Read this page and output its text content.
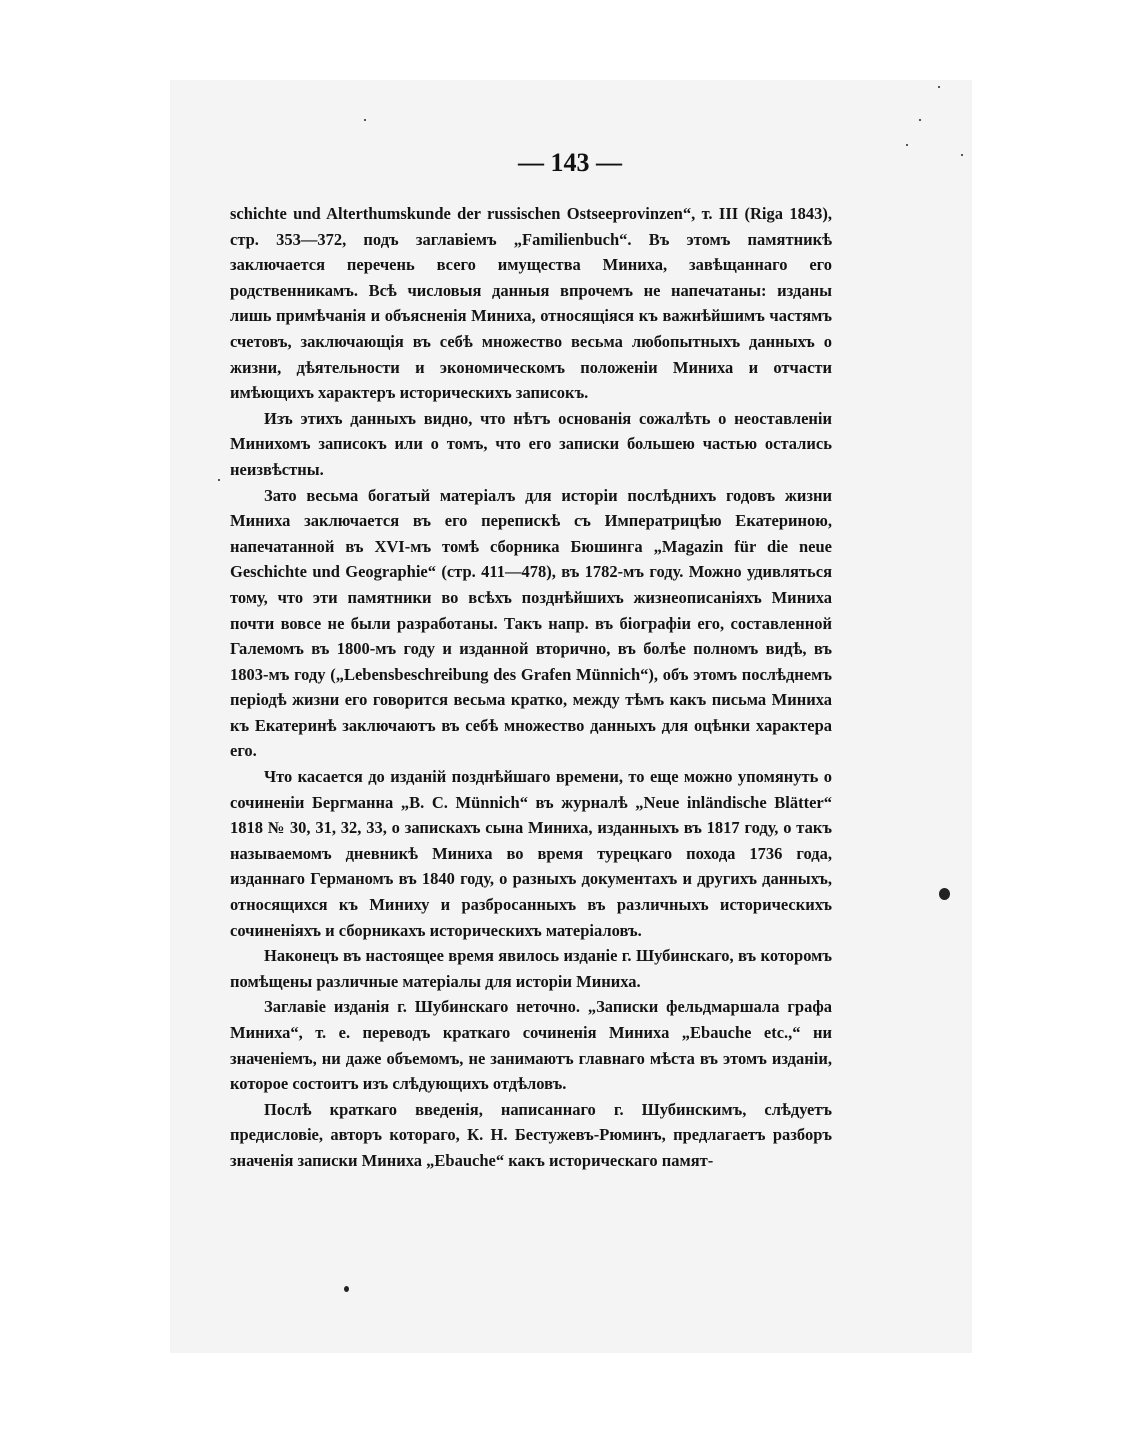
— 143 —

schichte und Alterthumskunde der russischen Ostseeprovinzen“, т. III (Riga 1843), стр. 353—372, подъ заглавіемъ „Familienbuch“. Въ этомъ памятникѣ заключается перечень всего имущества Миниха, завѣщаннаго его родственникамъ. Всѣ числовыя данныя впрочемъ не напечатаны: изданы лишь примѣчанія и объясненія Миниха, относящіяся къ важнѣйшимъ частямъ счетовъ, заключающія въ себѣ множество весьма любопытныхъ данныхъ о жизни, дѣятельности и экономическомъ положеніи Миниха и отчасти имѣющихъ характеръ историческихъ записокъ.

Изъ этихъ данныхъ видно, что нѣтъ основанія сожалѣть о неоставленіи Минихомъ записокъ или о томъ, что его записки большею частью остались неизвѣстны.

Зато весьма богатый матеріалъ для исторіи послѣднихъ годовъ жизни Миниха заключается въ его перепискѣ съ Императрицѣю Екатериною, напечатанной въ XVI-мъ томѣ сборника Бюшинга „Magazin für die neue Geschichte und Geographie“ (стр. 411—478), въ 1782-мъ году. Можно удивляться тому, что эти памятники во всѣхъ позднѣйшихъ жизнеописаніяхъ Миниха почти вовсе не были разработаны. Такъ напр. въ біографіи его, составленной Галемомъ въ 1800-мъ году и изданной вторично, въ болѣе полномъ видѣ, въ 1803-мъ году („Lebensbeschreibung des Grafen Münnich“), объ этомъ послѣднемъ періодѣ жизни его говорится весьма кратко, между тѣмъ какъ письма Миниха къ Екатеринѣ заключаютъ въ себѣ множество данныхъ для оцѣнки характера его.

Что касается до изданій позднѣйшаго времени, то еще можно упомянуть о сочиненіи Бергманна „B. C. Münnich“ въ журналѣ „Neue inländische Blätter“ 1818 № 30, 31, 32, 33, о запискахъ сына Миниха, изданныхъ въ 1817 году, о такъ называемомъ дневникѣ Миниха во время турецкаго похода 1736 года, изданнаго Германомъ въ 1840 году, о разныхъ документахъ и другихъ данныхъ, относящихся къ Миниху и разбросанныхъ въ различныхъ историческихъ сочиненіяхъ и сборникахъ историческихъ матеріаловъ.

Наконецъ въ настоящее время явилось изданіе г. Шубинскаго, въ которомъ помѣщены различные матеріалы для исторіи Миниха.

Заглавіе изданія г. Шубинскаго неточно. „Записки фельдмаршала графа Миниха“, т. е. переводъ краткаго сочиненія Миниха „Ebauche etc.,“ ни значеніемъ, ни даже объемомъ, не занимаютъ главнаго мѣста въ этомъ изданіи, которое состоитъ изъ слѣдующихъ отдѣловъ.

Послѣ краткаго введенія, написаннаго г. Шубинскимъ, слѣдуетъ предисловіе, авторъ котораго, К. Н. Бестужевъ-Рюминъ, предлагаетъ разборъ значенія записки Миниха „Ebauche“ какъ историческаго памят-
